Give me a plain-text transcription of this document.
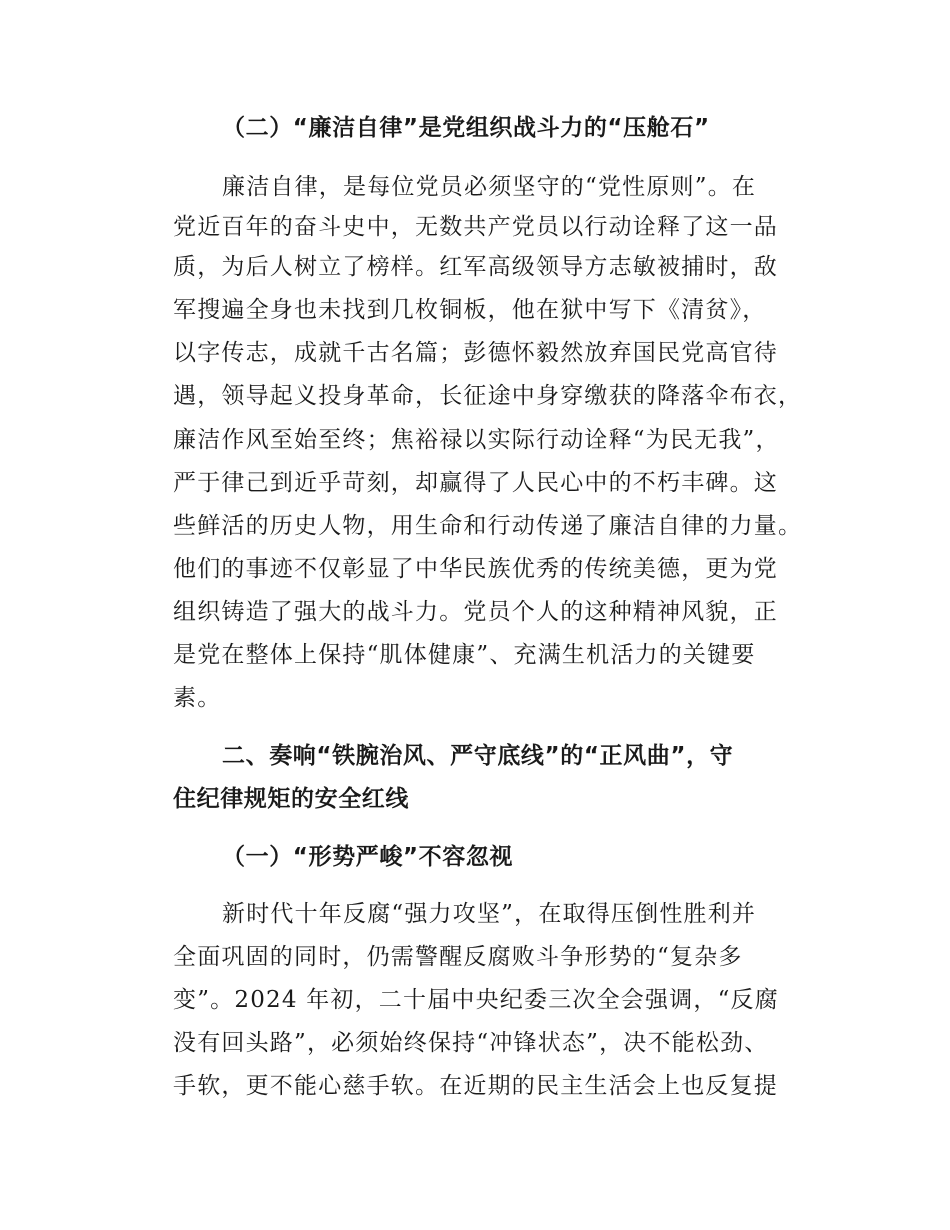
（二）“廉洁自律”是党组织战斗力的“压舱石”
廉洁自律，是每位党员必须坚守的“党性原则”。在
党近百年的奋斗史中，无数共产党员以行动诠释了这一品
质，为后人树立了榜样。红军高级领导方志敏被捕时，敌
军搜遍全身也未找到几枚铜板，他在狱中写下《清贫》，
以字传志，成就千古名篇；彭德怀毅然放弃国民党高官待
遇，领导起义投身革命，长征途中身穿缴获的降落伞布衣，
廉洁作风至始至终；焦裕禄以实际行动诠释“为民无我”，
严于律己到近乎苛刻，却赢得了人民心中的不朽丰碑。这
些鲜活的历史人物，用生命和行动传递了廉洁自律的力量。
他们的事迹不仅彰显了中华民族优秀的传统美德，更为党
组织铸造了强大的战斗力。党员个人的这种精神风貌，正
是党在整体上保持“肌体健康”、充满生机活力的关键要
素。
二、奏响“铁腕治风、严守底线”的“正风曲”，守
住纪律规矩的安全红线
（一）“形势严峻”不容忽视
新时代十年反腐“强力攻坚”，在取得压倒性胜利并
全面巩固的同时，仍需警醒反腐败斗争形势的“复杂多
变”。2024 年初，二十届中央纪委三次全会强调，“反腐
没有回头路”，必须始终保持“冲锋状态”，决不能松劲、
手软，更不能心慈手软。在近期的民主生活会上也反复提
